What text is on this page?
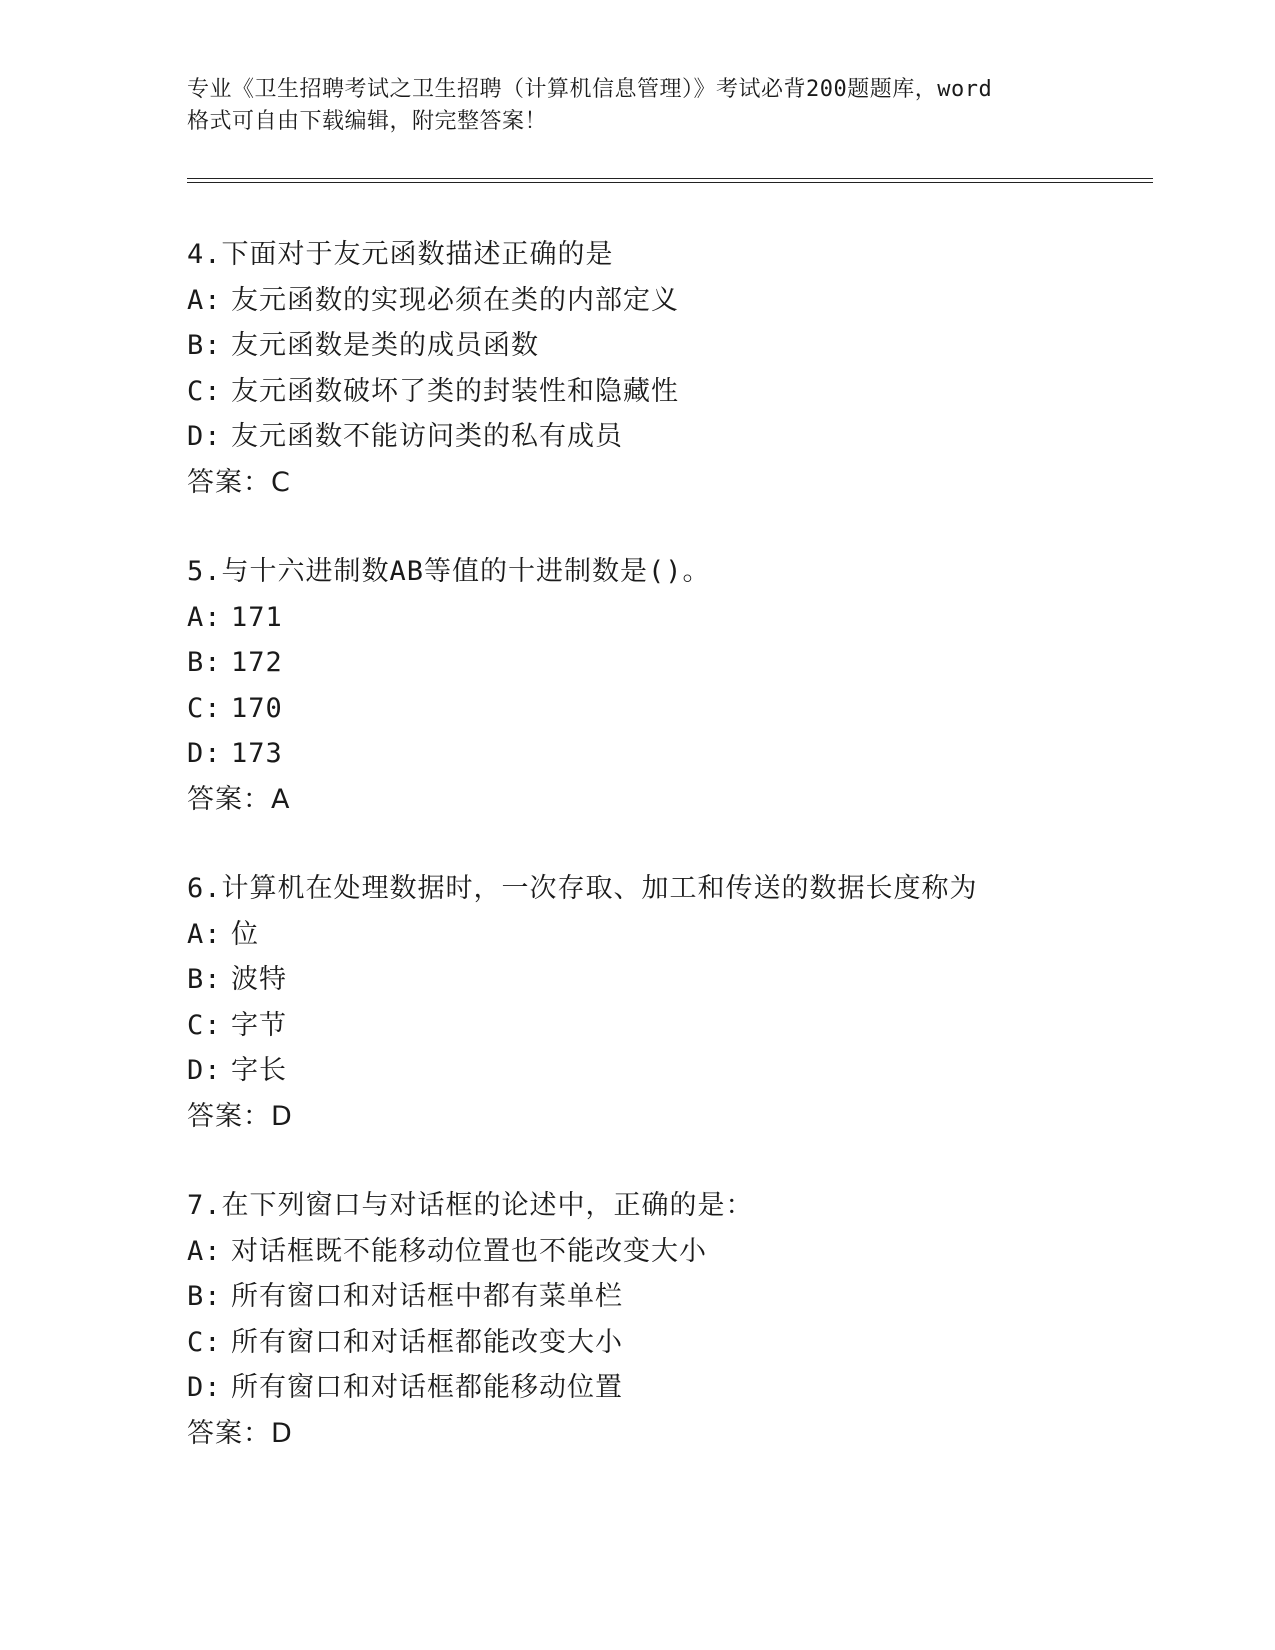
专业《卫生招聘考试之卫生招聘（计算机信息管理）》考试必背200题题库，word
格式可自由下载编辑，附完整答案！
4.下面对于友元函数描述正确的是
A: 友元函数的实现必须在类的内部定义
B: 友元函数是类的成员函数
C: 友元函数破坏了类的封装性和隐藏性
D: 友元函数不能访问类的私有成员
答案：C
5.与十六进制数AB等值的十进制数是()。
A: 171
B: 172
C: 170
D: 173
答案：A
6.计算机在处理数据时，一次存取、加工和传送的数据长度称为
A: 位
B: 波特
C: 字节
D: 字长
答案：D
7.在下列窗口与对话框的论述中，正确的是：
A: 对话框既不能移动位置也不能改变大小
B: 所有窗口和对话框中都有菜单栏
C: 所有窗口和对话框都能改变大小
D: 所有窗口和对话框都能移动位置
答案：D
